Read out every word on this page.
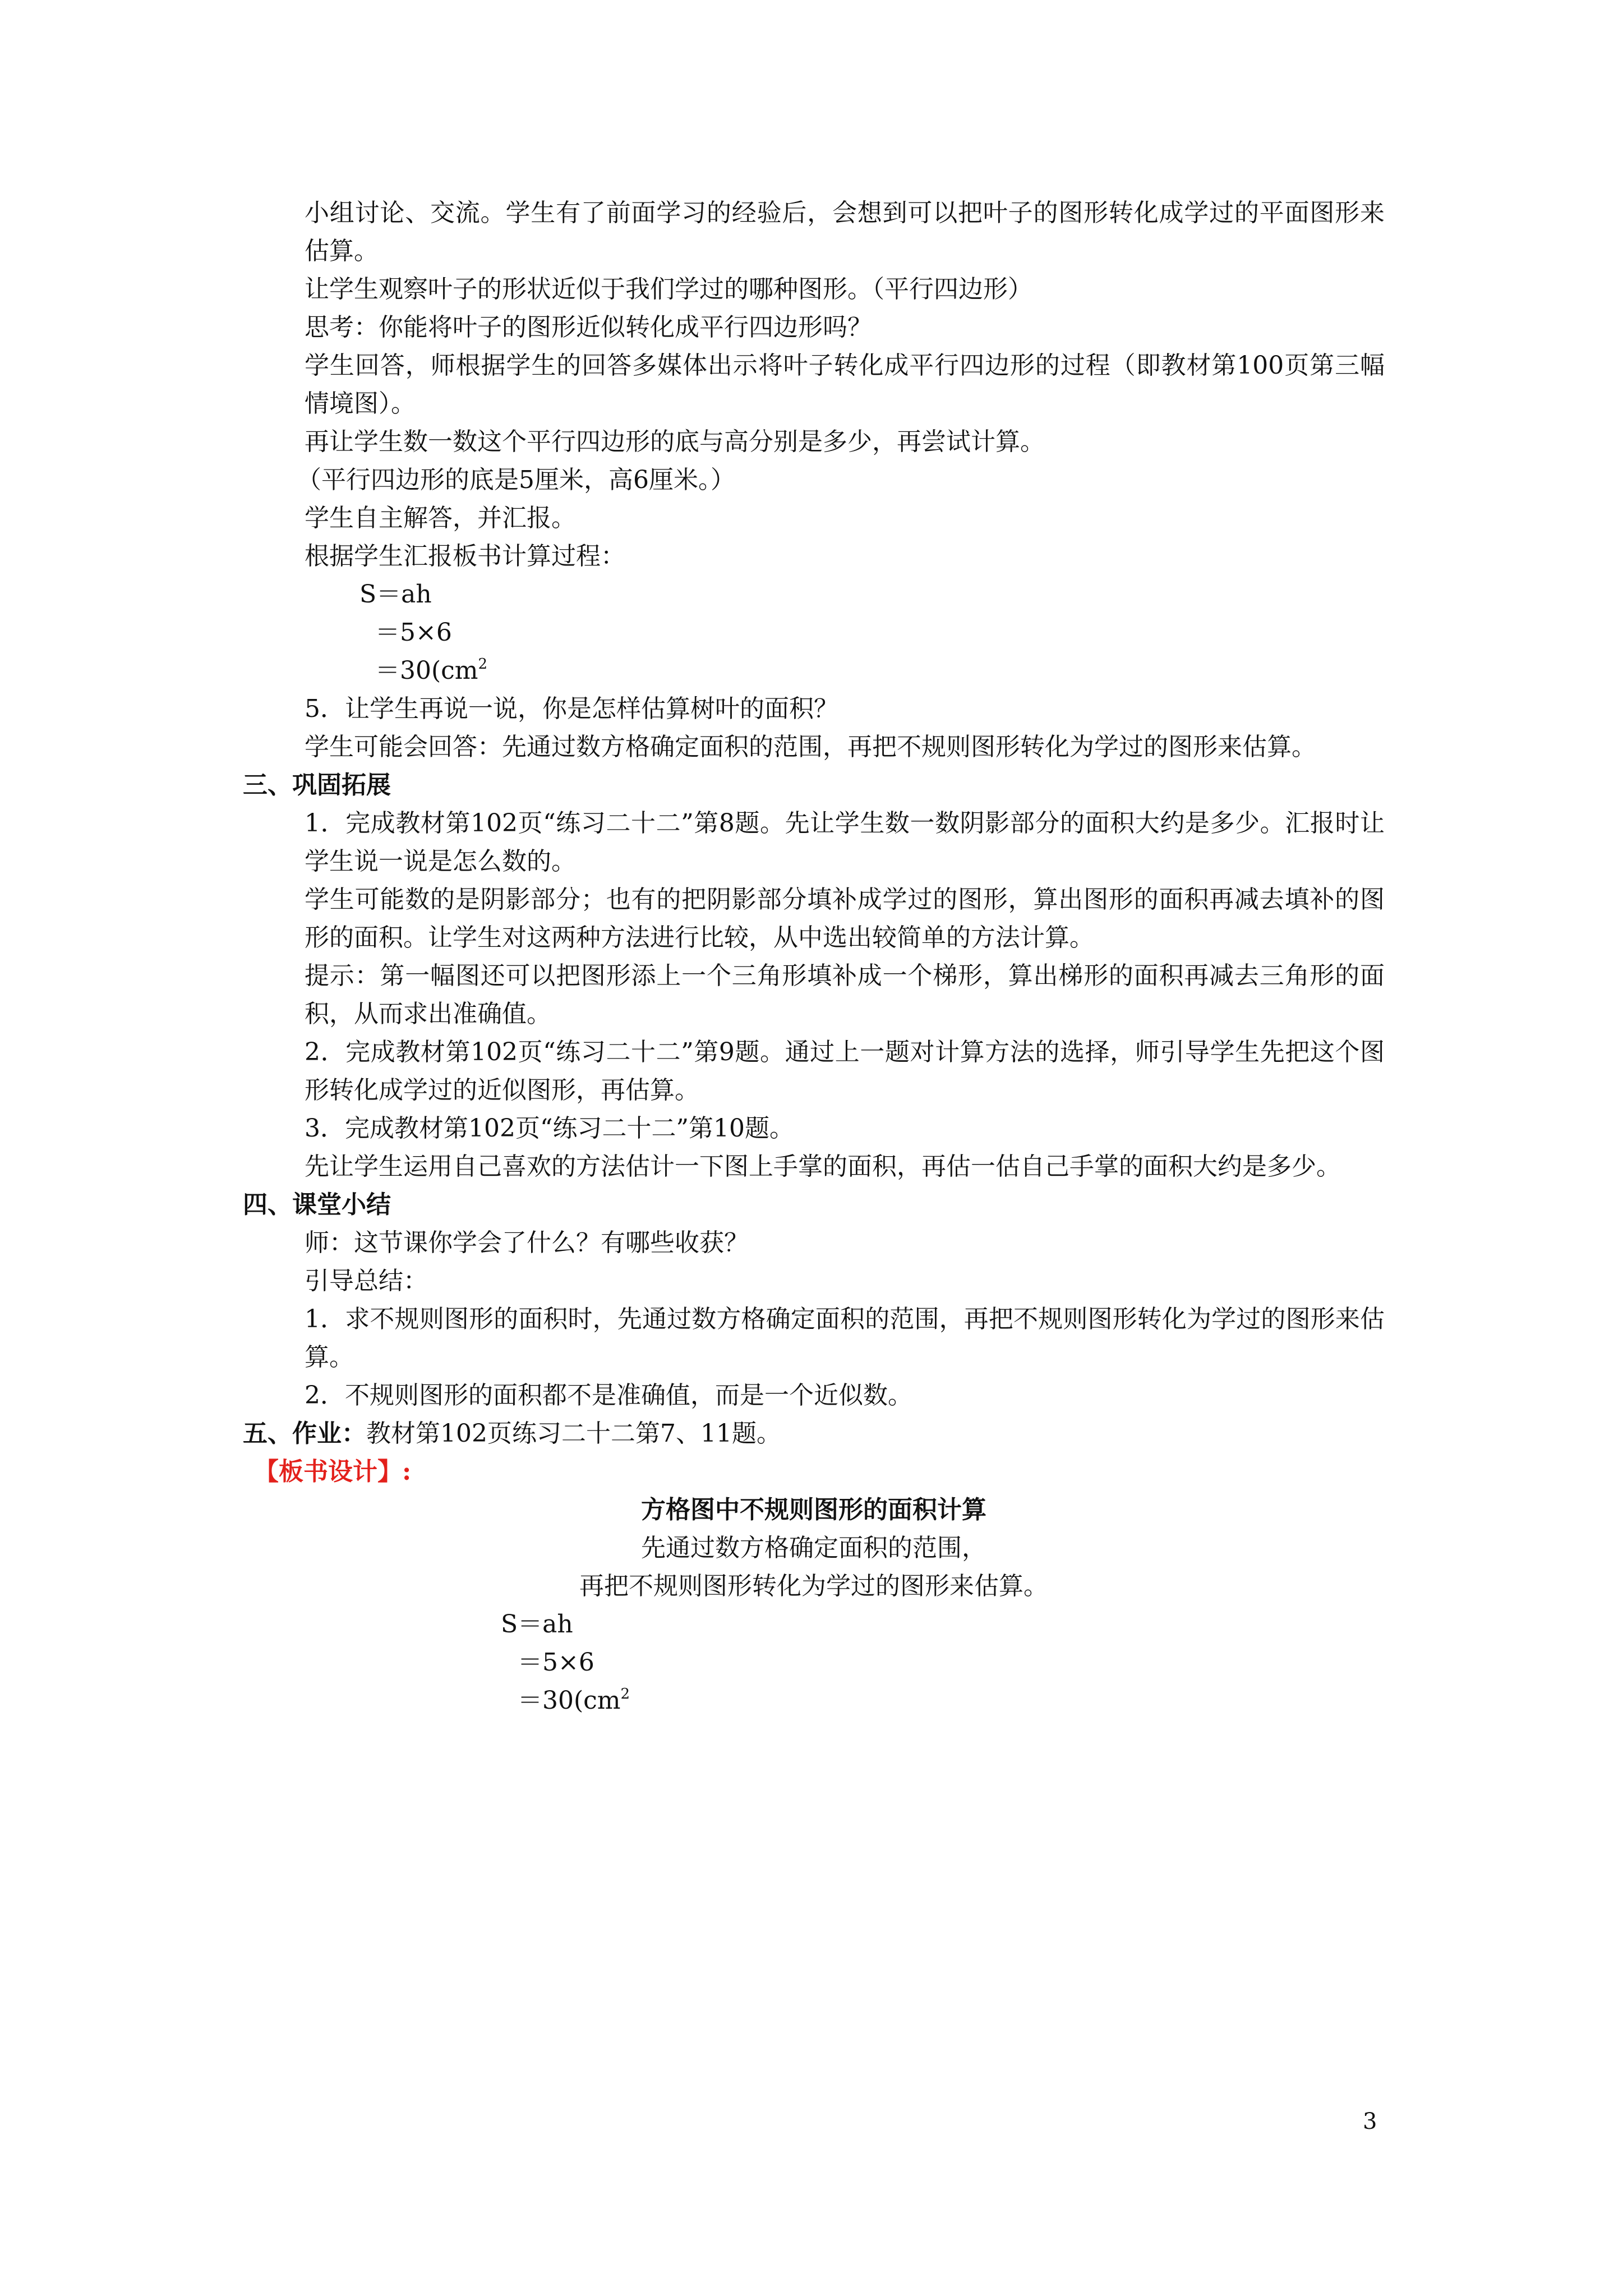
小组讨论、交流。学生有了前面学习的经验后，会想到可以把叶子的图形转化成学过的平面图形来估算。
让学生观察叶子的形状近似于我们学过的哪种图形。（平行四边形）
思考：你能将叶子的图形近似转化成平行四边形吗？
学生回答，师根据学生的回答多媒体出示将叶子转化成平行四边形的过程（即教材第100页第三幅情境图）。
再让学生数一数这个平行四边形的底与高分别是多少，再尝试计算。
（平行四边形的底是5厘米，高6厘米。）
学生自主解答，并汇报。
根据学生汇报板书计算过程：
S＝ah
＝5×6
$=30(cm^2$
5．让学生再说一说，你是怎样估算树叶的面积？
学生可能会回答：先通过数方格确定面积的范围，再把不规则图形转化为学过的图形来估算。
三、巩固拓展
1．完成教材第102页“练习二十二”第8题。先让学生数一数阴影部分的面积大约是多少。汇报时让学生说一说是怎么数的。
学生可能数的是阴影部分；也有的把阴影部分填补成学过的图形，算出图形的面积再减去填补的图形的面积。让学生对这两种方法进行比较，从中选出较简单的方法计算。
提示：第一幅图还可以把图形添上一个三角形填补成一个梯形，算出梯形的面积再减去三角形的面积，从而求出准确值。
2．完成教材第102页“练习二十二”第9题。通过上一题对计算方法的选择，师引导学生先把这个图形转化成学过的近似图形，再估算。
3．完成教材第102页“练习二十二”第10题。
先让学生运用自己喜欢的方法估计一下图上手掌的面积，再估一估自己手掌的面积大约是多少。
四、课堂小结
师：这节课你学会了什么？有哪些收获？
引导总结：
1．求不规则图形的面积时，先通过数方格确定面积的范围，再把不规则图形转化为学过的图形来估算。
2．不规则图形的面积都不是准确值，而是一个近似数。
五、作业：教材第102页练习二十二第7、11题。
【板书设计】:
方格图中不规则图形的面积计算
先通过数方格确定面积的范围，
再把不规则图形转化为学过的图形来估算。
S＝ah
＝5×6
$=30(cm^2$
3
